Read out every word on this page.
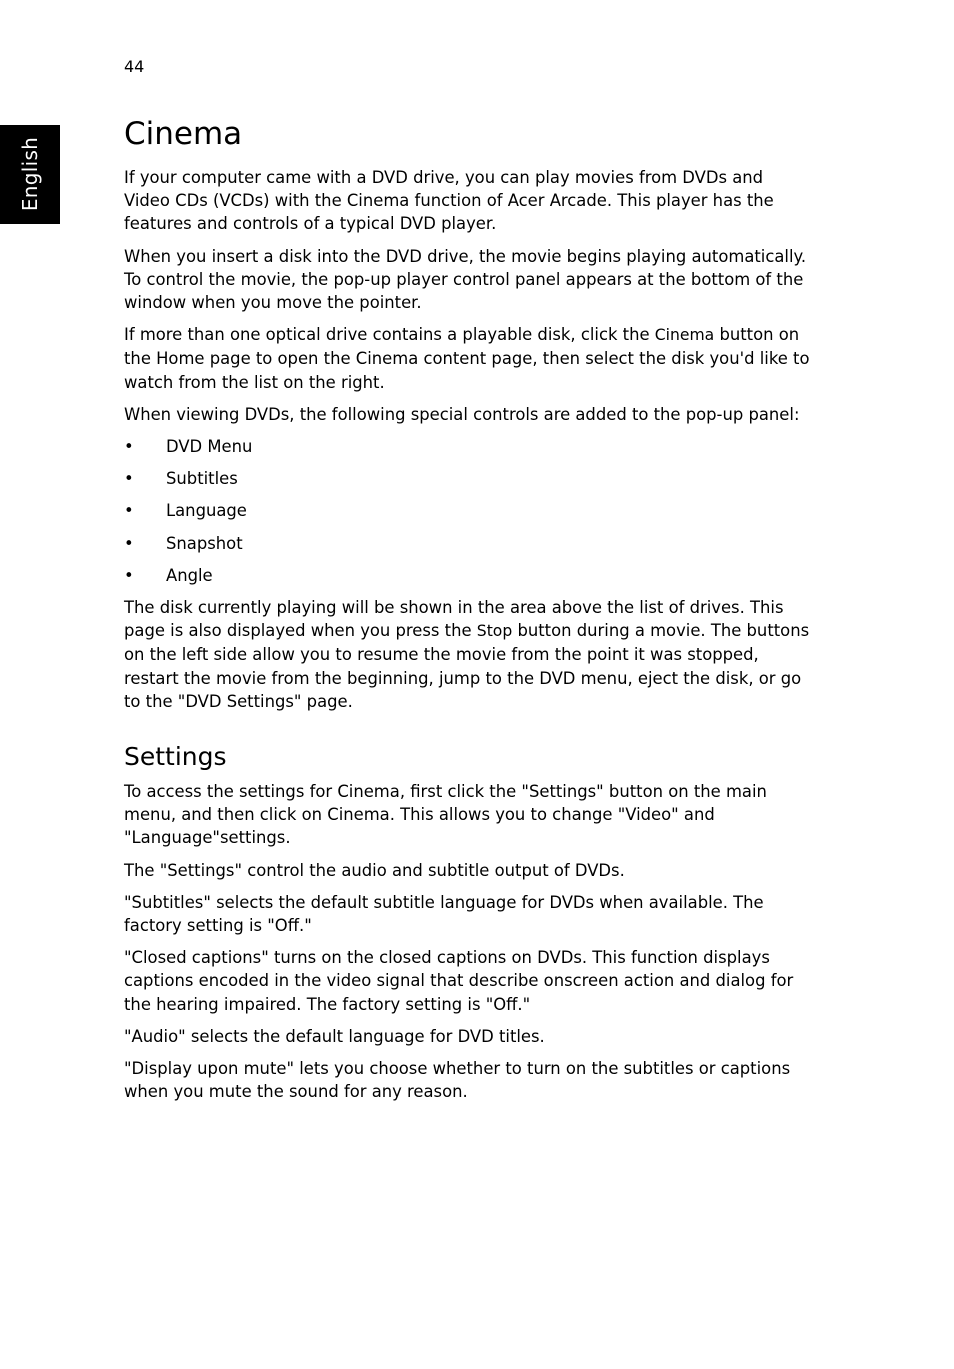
44
English
Cinema

If your computer came with a DVD drive, you can play movies from DVDs and Video CDs (VCDs) with the Cinema function of Acer Arcade. This player has the features and controls of a typical DVD player.

When you insert a disk into the DVD drive, the movie begins playing automatically. To control the movie, the pop-up player control panel appears at the bottom of the window when you move the pointer.

If more than one optical drive contains a playable disk, click the Cinema button on the Home page to open the Cinema content page, then select the disk you'd like to watch from the list on the right.

When viewing DVDs, the following special controls are added to the pop-up panel:

• DVD Menu
• Subtitles
• Language
• Snapshot
• Angle

The disk currently playing will be shown in the area above the list of drives. This page is also displayed when you press the Stop button during a movie. The buttons on the left side allow you to resume the movie from the point it was stopped, restart the movie from the beginning, jump to the DVD menu, eject the disk, or go to the "DVD Settings" page.

Settings

To access the settings for Cinema, first click the "Settings" button on the main menu, and then click on Cinema. This allows you to change "Video" and "Language"settings.

The "Settings" control the audio and subtitle output of DVDs.

"Subtitles" selects the default subtitle language for DVDs when available. The factory setting is "Off."

"Closed captions" turns on the closed captions on DVDs. This function displays captions encoded in the video signal that describe onscreen action and dialog for the hearing impaired. The factory setting is "Off."

"Audio" selects the default language for DVD titles.

"Display upon mute" lets you choose whether to turn on the subtitles or captions when you mute the sound for any reason.
